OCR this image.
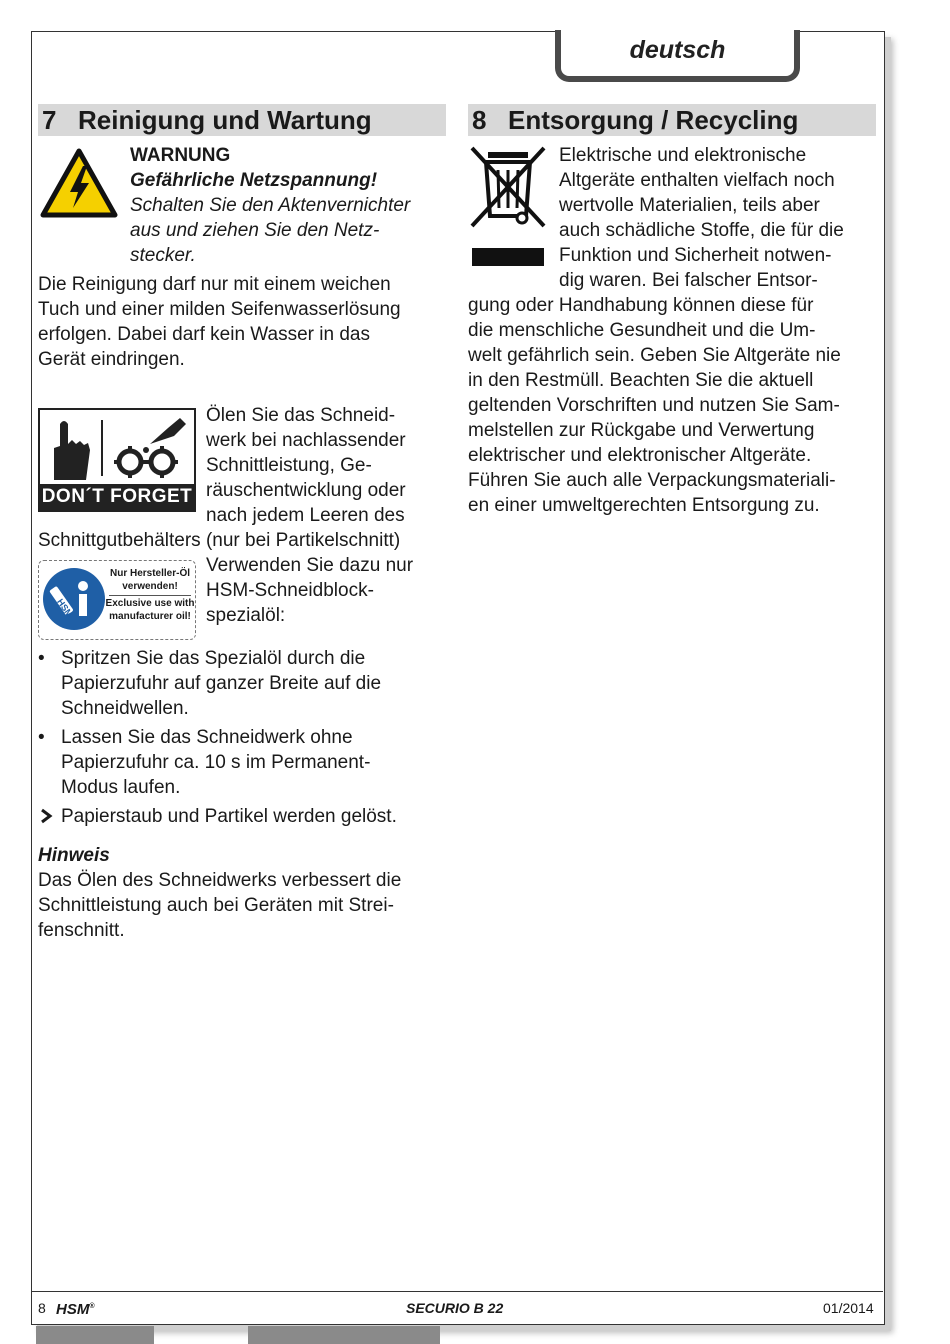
deutsch
7 Reinigung und Wartung
WARNUNG
Gefährliche Netzspannung!
Schalten Sie den Aktenvernichter
aus und ziehen Sie den Netz-
stecker.
Die Reinigung darf nur mit einem weichen
Tuch und einer milden Seifenwasserlösung
erfolgen. Dabei darf kein Wasser in das
Gerät eindringen.
DON´T FORGET
Ölen Sie das Schneid-
werk bei nachlassender
Schnittleistung, Ge-
räuschentwicklung oder
nach jedem Leeren des
Schnittgutbehälters (nur bei Partikelschnitt)
Verwenden Sie dazu nur
HSM-Schneidblock-
spezialöl:
HSM
Nur Hersteller-Öl
verwenden!
Exclusive use with
manufacturer oil!
• Spritzen Sie das Spezialöl durch die
Papierzufuhr auf ganzer Breite auf die
Schneidwellen.
• Lassen Sie das Schneidwerk ohne
Papierzufuhr ca. 10 s im Permanent-
Modus laufen.
Papierstaub und Partikel werden gelöst.
Hinweis
Das Ölen des Schneidwerks verbessert die
Schnittleistung auch bei Geräten mit Strei-
fenschnitt.
8 Entsorgung / Recycling
Elektrische und elektronische
Altgeräte enthalten vielfach noch
wertvolle Materialien, teils aber
auch schädliche Stoffe, die für die
Funktion und Sicherheit notwen-
dig waren. Bei falscher Entsor-
gung oder Handhabung können diese für
die menschliche Gesundheit und die Um-
welt gefährlich sein. Geben Sie Altgeräte nie
in den Restmüll. Beachten Sie die aktuell
geltenden Vorschriften und nutzen Sie Sam-
melstellen zur Rückgabe und Verwertung
elektrischer und elektronischer Altgeräte.
Führen Sie auch alle Verpackungsmateriali-
en einer umweltgerechten Entsorgung zu.
8 HSM®	SECURIO B 22	01/2014
